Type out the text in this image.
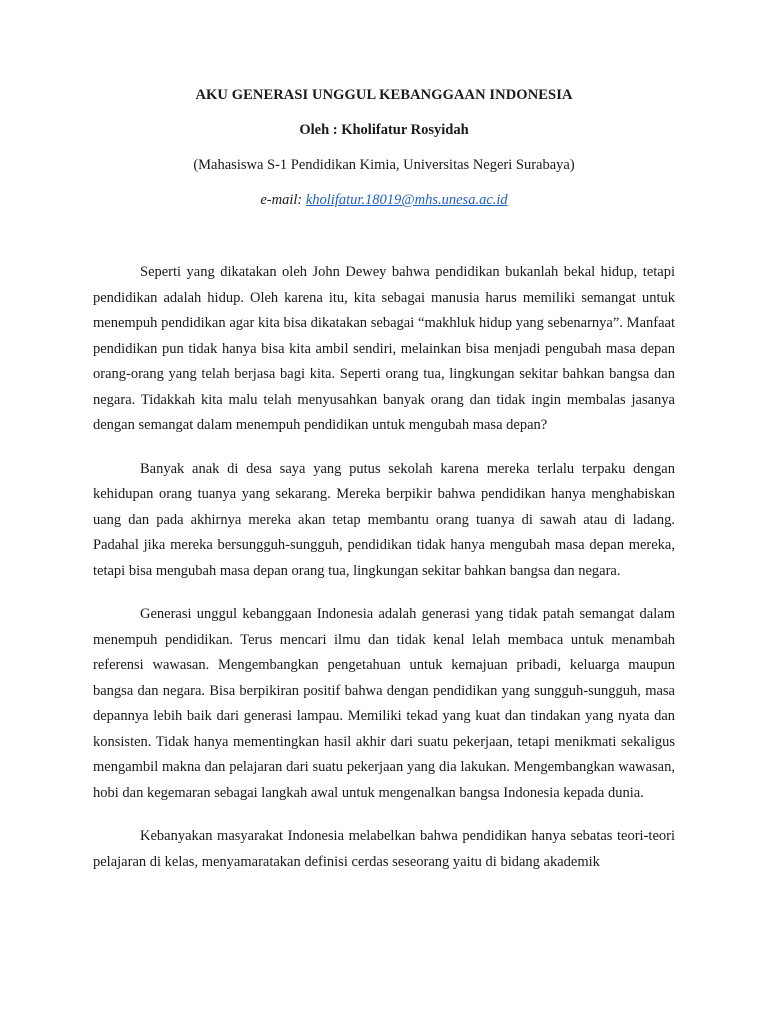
AKU GENERASI UNGGUL KEBANGGAAN INDONESIA
Oleh : Kholifatur Rosyidah
(Mahasiswa S-1 Pendidikan Kimia, Universitas Negeri Surabaya)
e-mail: kholifatur.18019@mhs.unesa.ac.id

Seperti yang dikatakan oleh John Dewey bahwa pendidikan bukanlah bekal hidup, tetapi pendidikan adalah hidup. Oleh karena itu, kita sebagai manusia harus memiliki semangat untuk menempuh pendidikan agar kita bisa dikatakan sebagai “makhluk hidup yang sebenarnya”. Manfaat pendidikan pun tidak hanya bisa kita ambil sendiri, melainkan bisa menjadi pengubah masa depan orang-orang yang telah berjasa bagi kita. Seperti orang tua, lingkungan sekitar bahkan bangsa dan negara. Tidakkah kita malu telah menyusahkan banyak orang dan tidak ingin membalas jasanya dengan semangat dalam menempuh pendidikan untuk mengubah masa depan?

Banyak anak di desa saya yang putus sekolah karena mereka terlalu terpaku dengan kehidupan orang tuanya yang sekarang. Mereka berpikir bahwa pendidikan hanya menghabiskan uang dan pada akhirnya mereka akan tetap membantu orang tuanya di sawah atau di ladang. Padahal jika mereka bersungguh-sungguh, pendidikan tidak hanya mengubah masa depan mereka, tetapi bisa mengubah masa depan orang tua, lingkungan sekitar bahkan bangsa dan negara.

Generasi unggul kebanggaan Indonesia adalah generasi yang tidak patah semangat dalam menempuh pendidikan. Terus mencari ilmu dan tidak kenal lelah membaca untuk menambah referensi wawasan. Mengembangkan pengetahuan untuk kemajuan pribadi, keluarga maupun bangsa dan negara. Bisa berpikiran positif bahwa dengan pendidikan yang sungguh-sungguh, masa depannya lebih baik dari generasi lampau. Memiliki tekad yang kuat dan tindakan yang nyata dan konsisten. Tidak hanya mementingkan hasil akhir dari suatu pekerjaan, tetapi menikmati sekaligus mengambil makna dan pelajaran dari suatu pekerjaan yang dia lakukan. Mengembangkan wawasan, hobi dan kegemaran sebagai langkah awal untuk mengenalkan bangsa Indonesia kepada dunia.

Kebanyakan masyarakat Indonesia melabelkan bahwa pendidikan hanya sebatas teori-teori pelajaran di kelas, menyamaratakan definisi cerdas seseorang yaitu di bidang akademik
